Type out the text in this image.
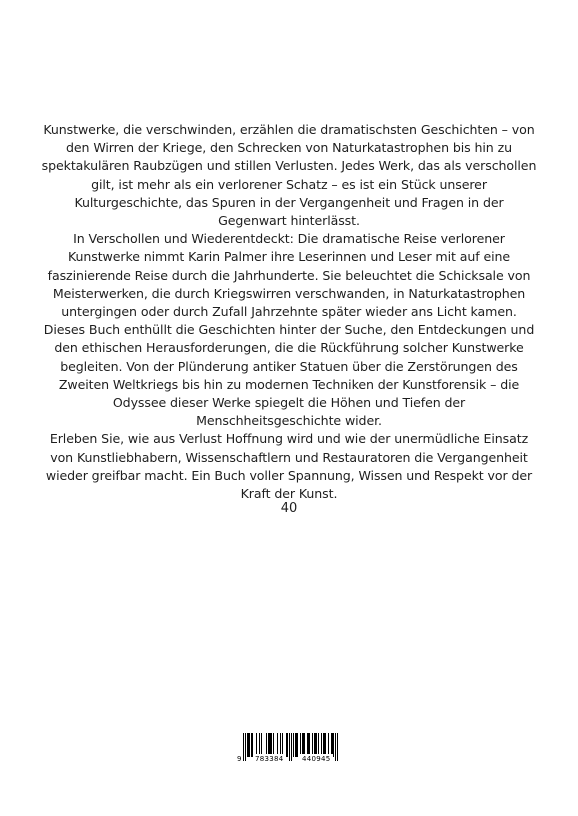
Kunstwerke, die verschwinden, erzählen die dramatischsten Geschichten – von den Wirren der Kriege, den Schrecken von Naturkatastrophen bis hin zu spektakulären Raubzügen und stillen Verlusten. Jedes Werk, das als verschollen gilt, ist mehr als ein verlorener Schatz – es ist ein Stück unserer Kulturgeschichte, das Spuren in der Vergangenheit und Fragen in der Gegenwart hinterlässt.

In Verschollen und Wiederentdeckt: Die dramatische Reise verlorener Kunstwerke nimmt Karin Palmer ihre Leserinnen und Leser mit auf eine faszinierende Reise durch die Jahrhunderte. Sie beleuchtet die Schicksale von Meisterwerken, die durch Kriegswirren verschwanden, in Naturkatastrophen untergingen oder durch Zufall Jahrzehnte später wieder ans Licht kamen.

Dieses Buch enthüllt die Geschichten hinter der Suche, den Entdeckungen und den ethischen Herausforderungen, die die Rückführung solcher Kunstwerke begleiten. Von der Plünderung antiker Statuen über die Zerstörungen des Zweiten Weltkriegs bis hin zu modernen Techniken der Kunstforensik – die Odyssee dieser Werke spiegelt die Höhen und Tiefen der Menschheitsgeschichte wider.

Erleben Sie, wie aus Verlust Hoffnung wird und wie der unermüdliche Einsatz von Kunstliebhabern, Wissenschaftlern und Restauratoren die Vergangenheit wieder greifbar macht. Ein Buch voller Spannung, Wissen und Respekt vor der Kraft der Kunst.

40
9 783384	440945
